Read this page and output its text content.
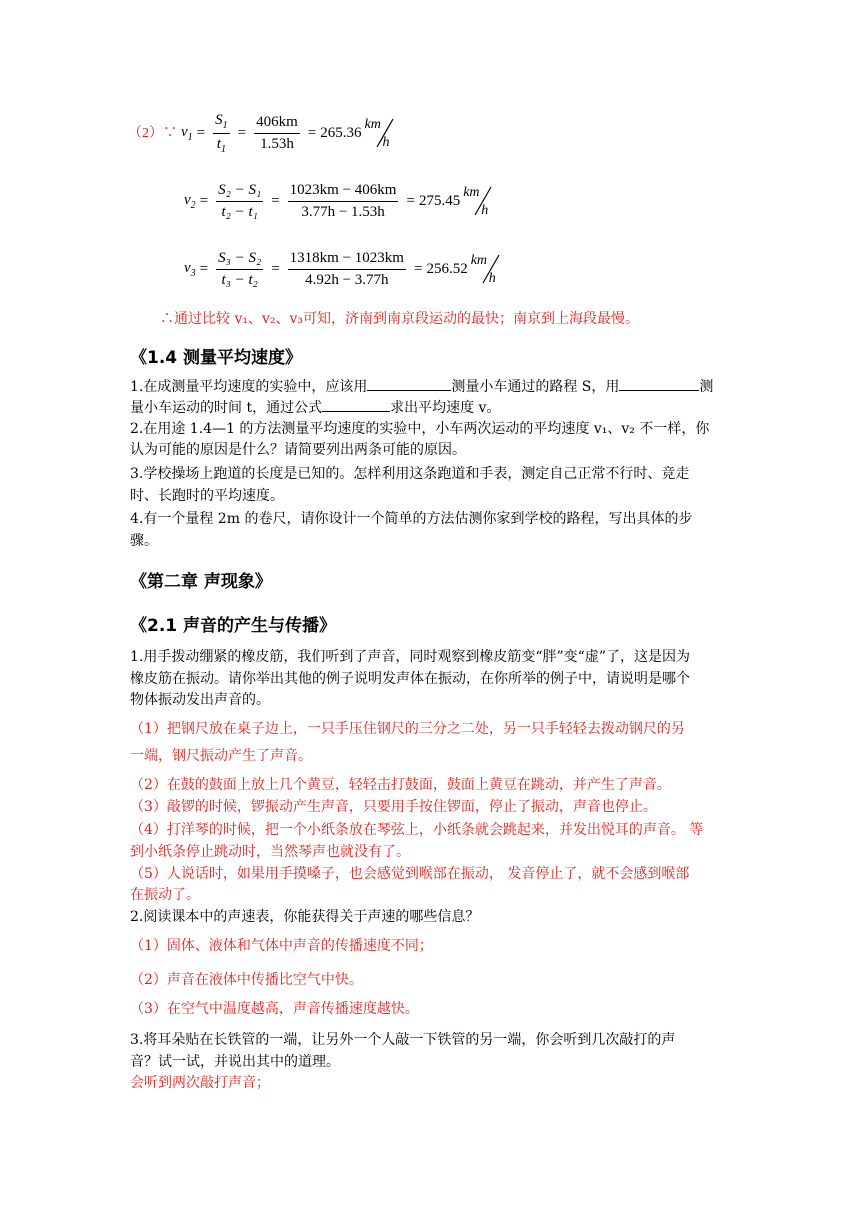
（2）∵ $v_1 = \frac{S_1}{t_1} = \frac{406km}{1.53h} = 265.36$
km
h
$v_2 = \frac{\text{S₂ − S₁}}{\text{t₂ − t₁}} = \frac{1023km - 406km}{3.77h - 1.53h} = 275.45$
km
h
$v_3 = \frac{\text{S₃ − S₂}}{\text{t₃ − t₂}} = \frac{1318km - 1023km}{4.92h - 3.77h} = 256.52$
km
h
∴通过比较 v₁、v₂、v₃可知，济南到南京段运动的最快；南京到上海段最慢。
《1.4 测量平均速度》
1.在成测量平均速度的实验中，应该用	测量小车通过的路程 S，用	测
量小车运动的时间 t，通过公式	求出平均速度 v。
2.在用途 1.4—1 的方法测量平均速度的实验中，小车两次运动的平均速度 v₁、v₂ 不一样，你
认为可能的原因是什么？请简要列出两条可能的原因。
3.学校操场上跑道的长度是已知的。怎样利用这条跑道和手表，测定自己正常不行时、竞走
时、长跑时的平均速度。
4.有一个量程 2m 的卷尺，请你设计一个简单的方法估测你家到学校的路程，写出具体的步
骤。
《第二章 声现象》
《2.1 声音的产生与传播》
1.用手拨动绷紧的橡皮筋，我们听到了声音，同时观察到橡皮筋变“胖”变“虚”了，这是因为
橡皮筋在振动。请你举出其他的例子说明发声体在振动，在你所举的例子中，请说明是哪个
物体振动发出声音的。
（1）把钢尺放在桌子边上，一只手压住钢尺的三分之二处，另一只手轻轻去拨动钢尺的另
一端，钢尺振动产生了声音。
（2）在鼓的鼓面上放上几个黄豆，轻轻击打鼓面，鼓面上黄豆在跳动，并产生了声音。
（3）敲锣的时候，锣振动产生声音，只要用手按住锣面，停止了振动，声音也停止。
（4）打洋琴的时候，把一个小纸条放在琴弦上，小纸条就会跳起来，并发出悦耳的声音。 等
到小纸条停止跳动时，当然琴声也就没有了。
（5）人说话时，如果用手摸嗓子，也会感觉到喉部在振动， 发音停止了，就不会感到喉部
在振动了。
2.阅读课本中的声速表，你能获得关于声速的哪些信息？
（1）固体、液体和气体中声音的传播速度不同；
（2）声音在液体中传播比空气中快。
（3）在空气中温度越高，声音传播速度越快。
3.将耳朵贴在长铁管的一端，让另外一个人敲一下铁管的另一端，你会听到几次敲打的声
音？试一试，并说出其中的道理。
会听到两次敲打声音；
